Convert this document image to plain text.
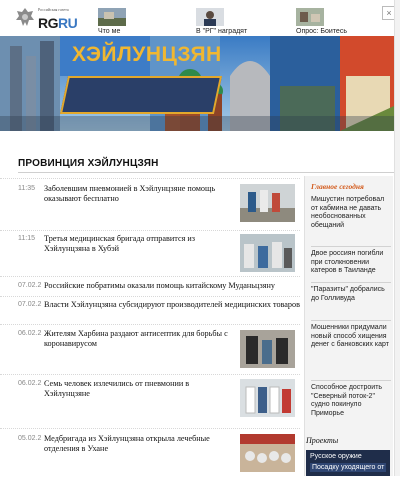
Российская газета
RGRU
Что ме	В "РГ" наградят	Опрос: Боитесь
×
ХЭЙЛУНЦЗЯН
ПРОВИНЦИЯ ХЭЙЛУНЦЗЯН
11:35 Заболевшим пневмонией в Хэйлунцзяне помощь оказывают бесплатно
11:15 Третья медицинская бригада отправится из Хэйлунцзяна в Хубэй
07.02.2 Российские побратимы оказали помощь китайскому Муданьцзяну
07.02.2 Власти Хэйлунцзяна субсидируют производителей медицинских товаров
06.02.2 Жителям Харбина раздают антисептик для борьбы с коронавирусом
06.02.2 Семь человек излечились от пневмонии в Хэйлунцзяне
05.02.2 Медбригада из Хэйлунцзяна открыла лечебные отделения в Ухане
Главное сегодня
Мишустин потребовал от кабмина не давать необоснованных обещаний
Двое россиян погибли при столкновении катеров в Таиланде
"Паразиты" добрались до Голливуда
Мошенники придумали новый способ хищения денег с банковских карт
Способное достроить "Северный поток-2" судно покинуло Приморье
Проекты
Русское оружие
Посадку уходящего от
